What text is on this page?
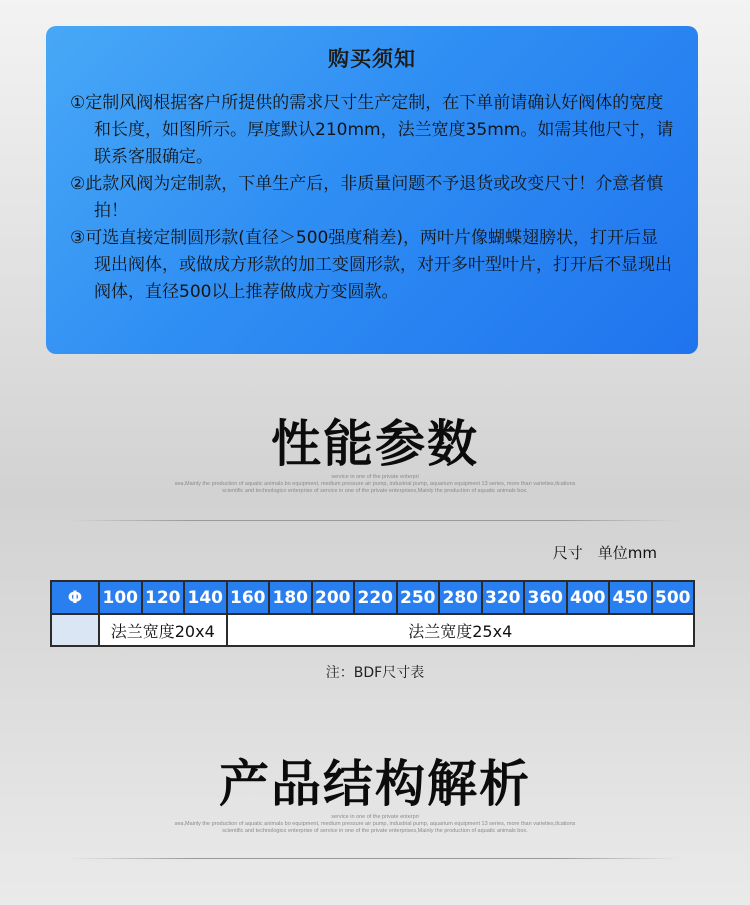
购买须知

①定制风阀根据客户所提供的需求尺寸生产定制，在下单前请确认好阀体的宽度和长度，如图所示。厚度默认210mm，法兰宽度35mm。如需其他尺寸，请联系客服确定。

②此款风阀为定制款，下单生产后，非质量问题不予退货或改变尺寸！介意者慎拍！

③可选直接定制圆形款(直径＞500强度稍差)，两叶片像蝴蝶翅膀状，打开后显现出阀体，或做成方形款的加工变圆形款，对开多叶型叶片，打开后不显现出阀体，直径500以上推荐做成方变圆款。

性能参数
service in one of the private enterpri
sea,Mainly the production of aquatic animals bo equipment, medium pressure air pump, industrial pump, aquarium equipment 13 series, more than varieties,tlcations
scientific and technologico enterprise of service in one of the private enterprises,Mainly the production of aquatic animals box.
尺寸　单位mm
Φ	100	120	140	160	180	200	220	250	280	320	360	400	450	500
	法兰宽度20x4			法兰宽度25x4										
注：BDF尺寸表
产品结构解析
service in one of the private enterpri
sea,Mainly the production of aquatic animals bo equipment, medium pressure air pump, industrial pump, aquarium equipment 13 series, more than varieties,tlcations
scientific and technologico enterprise of service in one of the private enterprises,Mainly the production of aquatic animals box.
